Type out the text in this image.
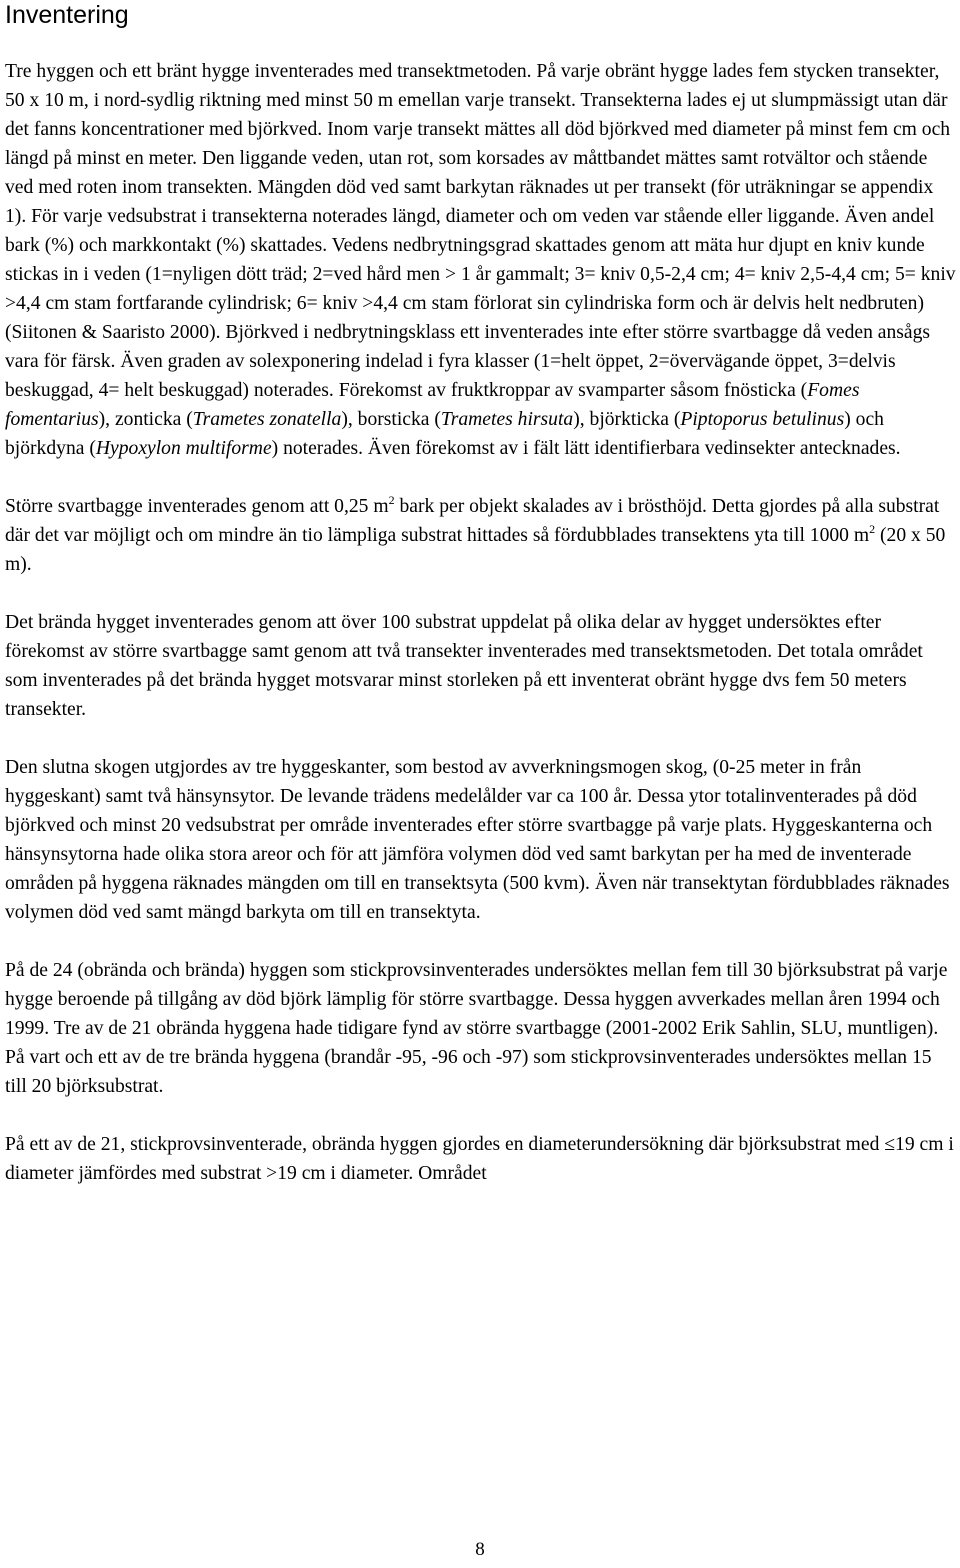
Inventering

Tre hyggen och ett bränt hygge inventerades med transektmetoden. På varje obränt hygge lades fem stycken transekter, 50 x 10 m, i nord-sydlig riktning med minst 50 m emellan varje transekt. Transekterna lades ej ut slumpmässigt utan där det fanns koncentrationer med björkved. Inom varje transekt mättes all död björkved med diameter på minst fem cm och längd på minst en meter. Den liggande veden, utan rot, som korsades av måttbandet mättes samt rotvältor och stående ved med roten inom transekten. Mängden död ved samt barkytan räknades ut per transekt (för uträkningar se appendix 1). För varje vedsubstrat i transekterna noterades längd, diameter och om veden var stående eller liggande. Även andel bark (%) och markkontakt (%) skattades. Vedens nedbrytningsgrad skattades genom att mäta hur djupt en kniv kunde stickas in i veden (1=nyligen dött träd; 2=ved hård men > 1 år gammalt; 3= kniv 0,5-2,4 cm; 4= kniv 2,5-4,4 cm; 5= kniv >4,4 cm stam fortfarande cylindrisk; 6= kniv >4,4 cm stam förlorat sin cylindriska form och är delvis helt nedbruten) (Siitonen & Saaristo 2000). Björkved i nedbrytningsklass ett inventerades inte efter större svartbagge då veden ansågs vara för färsk. Även graden av solexponering indelad i fyra klasser (1=helt öppet, 2=övervägande öppet, 3=delvis beskuggad, 4= helt beskuggad) noterades. Förekomst av fruktkroppar av svamparter såsom fnösticka (Fomes fomentarius), zonticka (Trametes zonatella), borsticka (Trametes hirsuta), björkticka (Piptoporus betulinus) och björkdyna (Hypoxylon multiforme) noterades. Även förekomst av i fält lätt identifierbara vedinsekter antecknades.

Större svartbagge inventerades genom att 0,25 $m^2$ bark per objekt skalades av i brösthöjd. Detta gjordes på alla substrat där det var möjligt och om mindre än tio lämpliga substrat hittades så fördubblades transektens yta till 1000 $m^2$ (20 x 50 m).

Det brända hygget inventerades genom att över 100 substrat uppdelat på olika delar av hygget undersöktes efter förekomst av större svartbagge samt genom att två transekter inventerades med transektsmetoden. Det totala området som inventerades på det brända hygget motsvarar minst storleken på ett inventerat obränt hygge dvs fem 50 meters transekter.

Den slutna skogen utgjordes av tre hyggeskanter, som bestod av avverkningsmogen skog, (0-25 meter in från hyggeskant) samt två hänsynsytor. De levande trädens medelålder var ca 100 år. Dessa ytor totalinventerades på död björkved och minst 20 vedsubstrat per område inventerades efter större svartbagge på varje plats. Hyggeskanterna och hänsynsytorna hade olika stora areor och för att jämföra volymen död ved samt barkytan per ha med de inventerade områden på hyggena räknades mängden om till en transektsyta (500 kvm). Även när transektytan fördubblades räknades volymen död ved samt mängd barkyta om till en transektyta.

På de 24 (obrända och brända) hyggen som stickprovsinventerades undersöktes mellan fem till 30 björksubstrat på varje hygge beroende på tillgång av död björk lämplig för större svartbagge. Dessa hyggen avverkades mellan åren 1994 och 1999. Tre av de 21 obrända hyggena hade tidigare fynd av större svartbagge (2001-2002 Erik Sahlin, SLU, muntligen). På vart och ett av de tre brända hyggena (brandår -95, -96 och -97) som stickprovsinventerades undersöktes mellan 15 till 20 björksubstrat.

På ett av de 21, stickprovsinventerade, obrända hyggen gjordes en diameterundersökning där björksubstrat med ≤19 cm i diameter jämfördes med substrat >19 cm i diameter. Området

8
